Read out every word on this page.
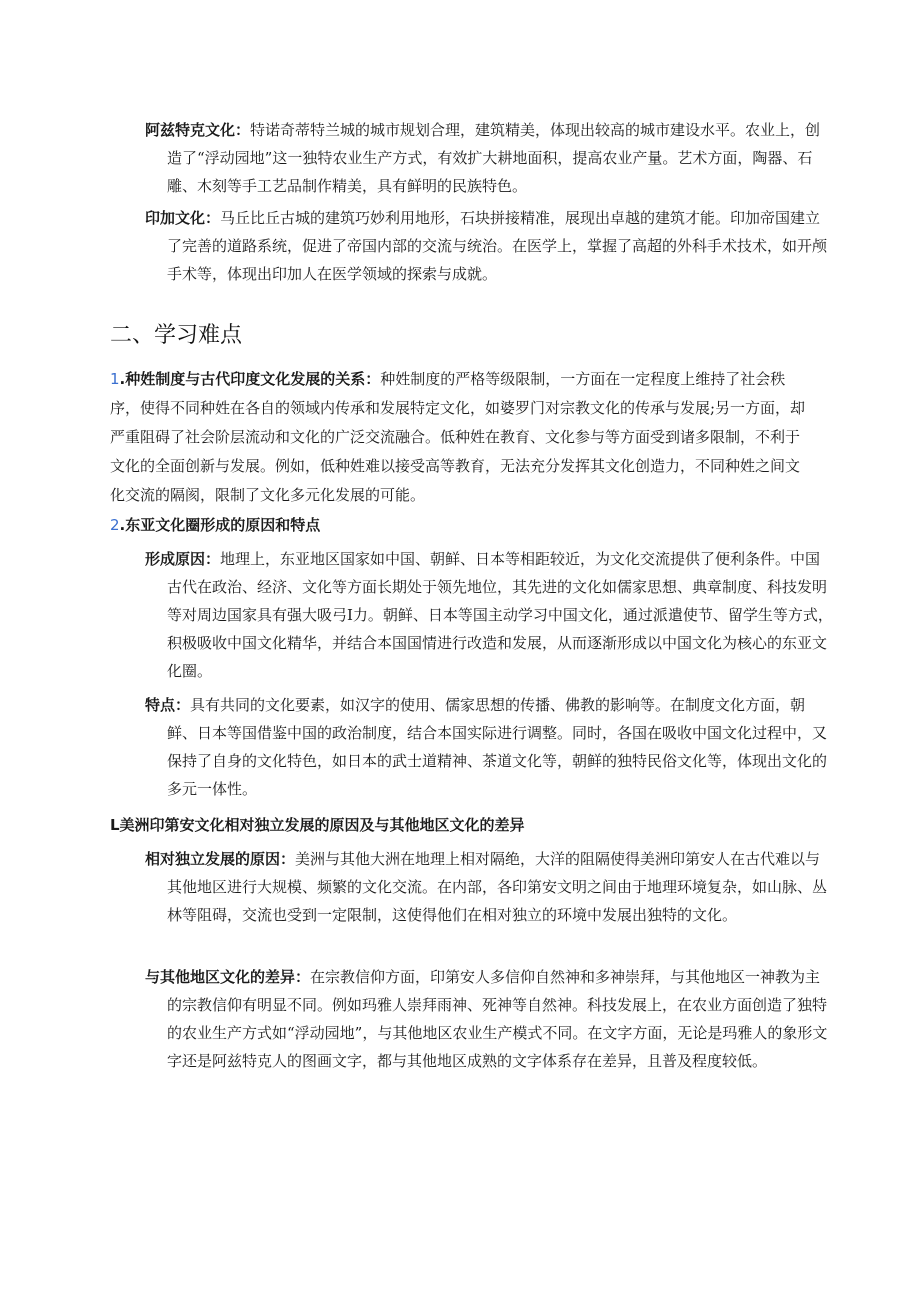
阿兹特克文化：特诺奇蒂特兰城的城市规划合理，建筑精美，体现出较高的城市建设水平。农业上，创造了“浮动园地”这一独特农业生产方式，有效扩大耕地面积，提高农业产量。艺术方面，陶器、石雕、木刻等手工艺品制作精美，具有鲜明的民族特色。

印加文化：马丘比丘古城的建筑巧妙利用地形，石块拼接精准，展现出卓越的建筑才能。印加帝国建立了完善的道路系统，促进了帝国内部的交流与统治。在医学上，掌握了高超的外科手术技术，如开颅手术等，体现出印加人在医学领域的探索与成就。

二、学习难点

1.种姓制度与古代印度文化发展的关系：种姓制度的严格等级限制，一方面在一定程度上维持了社会秩序，使得不同种姓在各自的领域内传承和发展特定文化，如婆罗门对宗教文化的传承与发展;另一方面，却严重阻碍了社会阶层流动和文化的广泛交流融合。低种姓在教育、文化参与等方面受到诸多限制，不利于文化的全面创新与发展。例如，低种姓难以接受高等教育，无法充分发挥其文化创造力，不同种姓之间文化交流的隔阂，限制了文化多元化发展的可能。

2.东亚文化圈形成的原因和特点

形成原因：地理上，东亚地区国家如中国、朝鲜、日本等相距较近，为文化交流提供了便利条件。中国古代在政治、经济、文化等方面长期处于领先地位，其先进的文化如儒家思想、典章制度、科技发明等对周边国家具有强大吸弓I力。朝鲜、日本等国主动学习中国文化，通过派遣使节、留学生等方式，积极吸收中国文化精华，并结合本国国情进行改造和发展，从而逐渐形成以中国文化为核心的东亚文化圈。

特点：具有共同的文化要素，如汉字的使用、儒家思想的传播、佛教的影响等。在制度文化方面，朝鲜、日本等国借鉴中国的政治制度，结合本国实际进行调整。同时，各国在吸收中国文化过程中，又保持了自身的文化特色，如日本的武士道精神、茶道文化等，朝鲜的独特民俗文化等，体现出文化的多元一体性。

L美洲印第安文化相对独立发展的原因及与其他地区文化的差异

相对独立发展的原因：美洲与其他大洲在地理上相对隔绝，大洋的阻隔使得美洲印第安人在古代难以与其他地区进行大规模、频繁的文化交流。在内部，各印第安文明之间由于地理环境复杂，如山脉、丛林等阻碍，交流也受到一定限制，这使得他们在相对独立的环境中发展出独特的文化。

与其他地区文化的差异：在宗教信仰方面，印第安人多信仰自然神和多神崇拜，与其他地区一神教为主的宗教信仰有明显不同。例如玛雅人崇拜雨神、死神等自然神。科技发展上，在农业方面创造了独特的农业生产方式如“浮动园地”，与其他地区农业生产模式不同。在文字方面，无论是玛雅人的象形文字还是阿兹特克人的图画文字，都与其他地区成熟的文字体系存在差异，且普及程度较低。
